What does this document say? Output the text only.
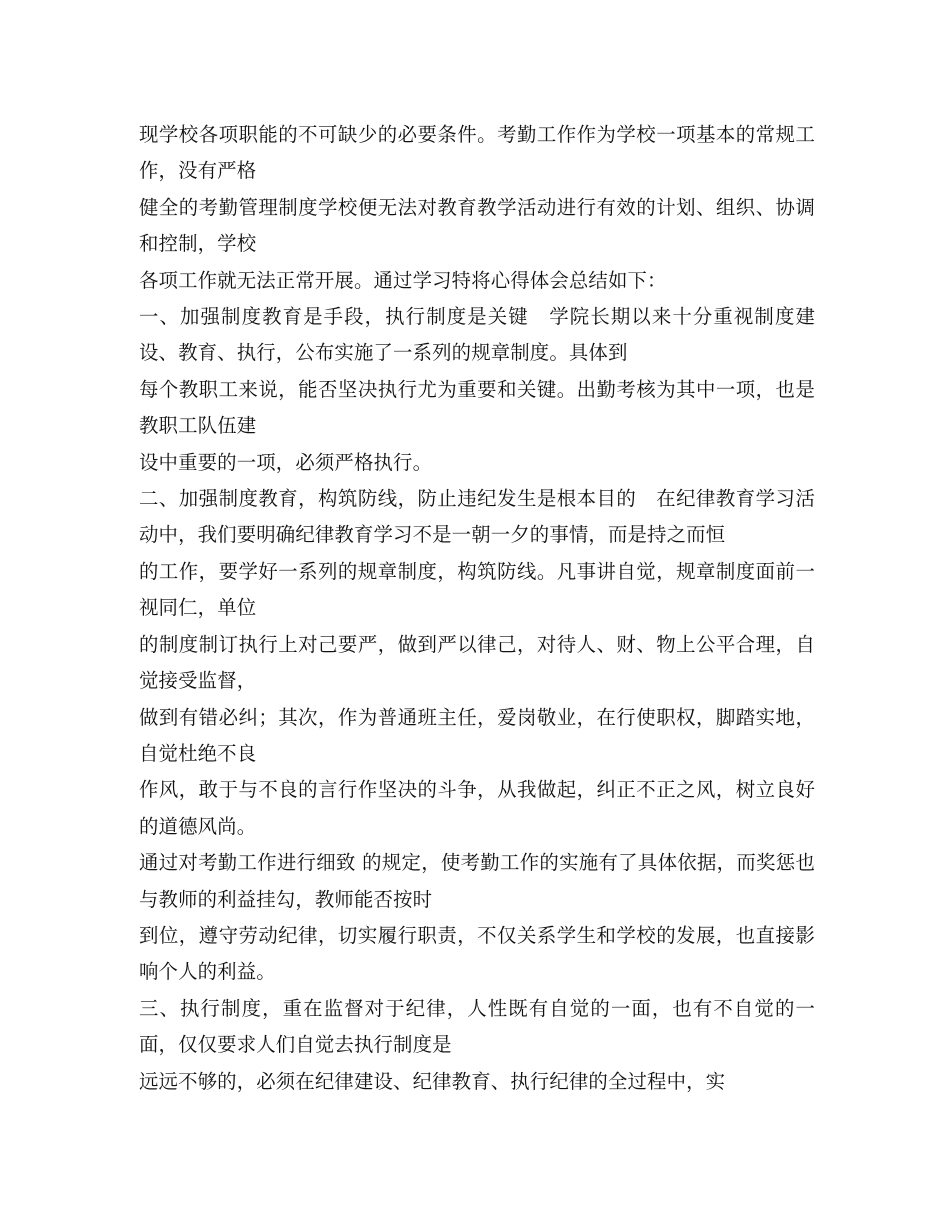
现学校各项职能的不可缺少的必要条件。考勤工作作为学校一项基本的常规工作，没有严格

健全的考勤管理制度学校便无法对教育教学活动进行有效的计划、组织、协调和控制，学校

各项工作就无法正常开展。通过学习特将心得体会总结如下：

一、加强制度教育是手段，执行制度是关键　学院长期以来十分重视制度建设、教育、执行，公布实施了一系列的规章制度。具体到

每个教职工来说，能否坚决执行尤为重要和关键。出勤考核为其中一项，也是教职工队伍建

设中重要的一项，必须严格执行。

二、加强制度教育，构筑防线，防止违纪发生是根本目的　在纪律教育学习活动中，我们要明确纪律教育学习不是一朝一夕的事情，而是持之而恒

的工作，要学好一系列的规章制度，构筑防线。凡事讲自觉，规章制度面前一视同仁，单位

的制度制订执行上对己要严，做到严以律己，对待人、财、物上公平合理，自觉接受监督，

做到有错必纠；其次，作为普通班主任，爱岗敬业，在行使职权，脚踏实地，自觉杜绝不良

作风，敢于与不良的言行作坚决的斗争，从我做起，纠正不正之风，树立良好的道德风尚。

通过对考勤工作进行细致 的规定，使考勤工作的实施有了具体依据，而奖惩也与教师的利益挂勾，教师能否按时

到位，遵守劳动纪律，切实履行职责，不仅关系学生和学校的发展，也直接影响个人的利益。

三、执行制度，重在监督对于纪律，人性既有自觉的一面，也有不自觉的一面，仅仅要求人们自觉去执行制度是

远远不够的，必须在纪律建设、纪律教育、执行纪律的全过程中，实
